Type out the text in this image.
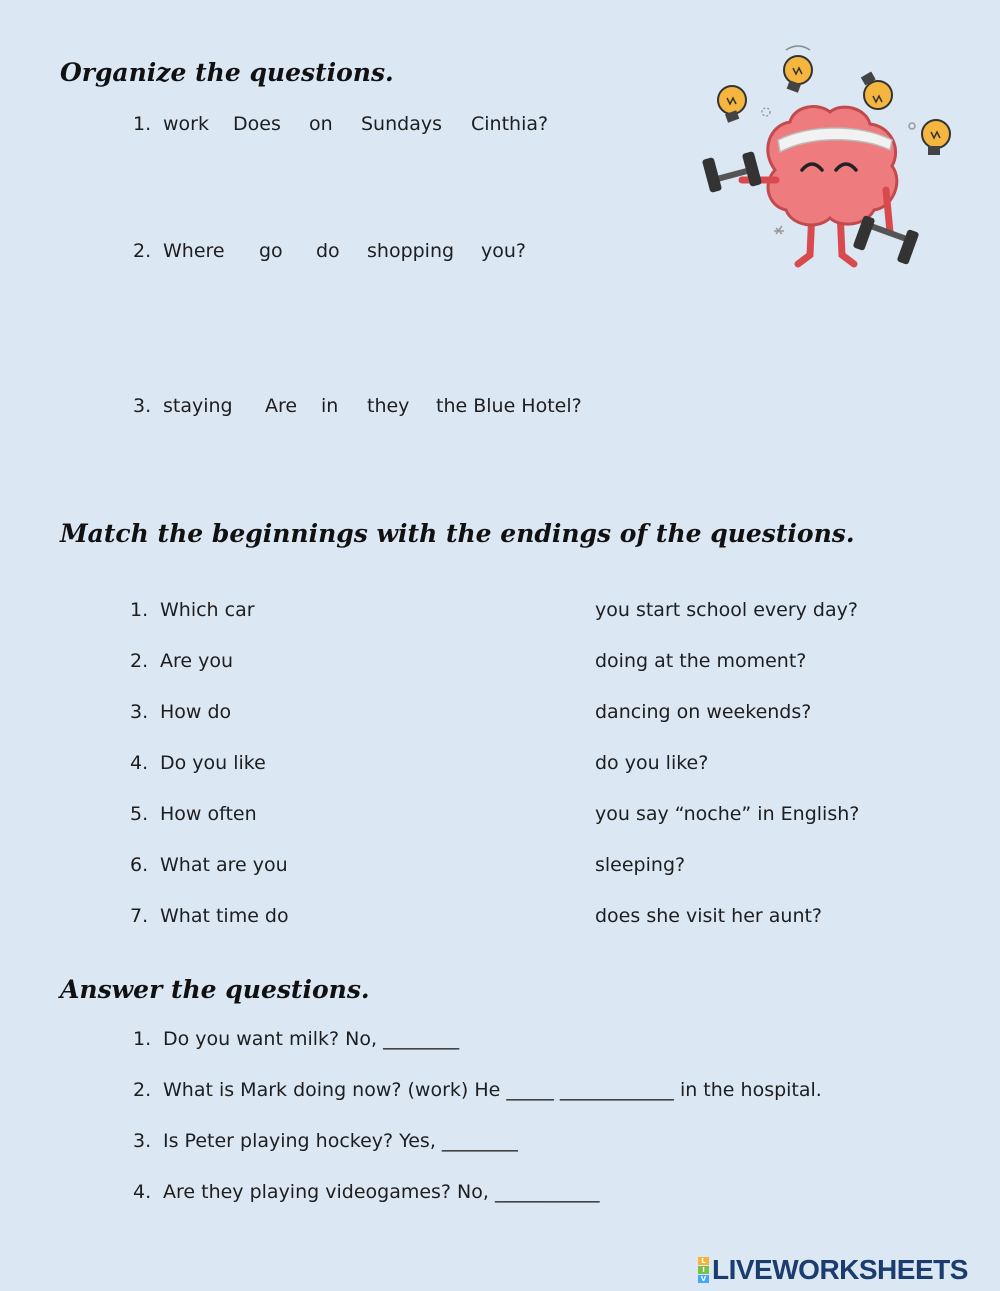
Organize the questions.
1. work Does on Sundays Cinthia?
2. Where go do shopping you?
3. staying Are in they the Blue Hotel?
Match the beginnings with the endings of the questions.
1. Which car
2. Are you
3. How do
4. Do you like
5. How often
6. What are you
7. What time do
you start school every day?
doing at the moment?
dancing on weekends?
do you like?
you say “noche” in English?
sleeping?
does she visit her aunt?
Answer the questions.
1. Do you want milk? No, ________
2. What is Mark doing now? (work) He _____ ____________ in the hospital.
3. Is Peter playing hockey? Yes, ________
4. Are they playing videogames? No, ___________
L
I
V LIVEWORKSHEETS
